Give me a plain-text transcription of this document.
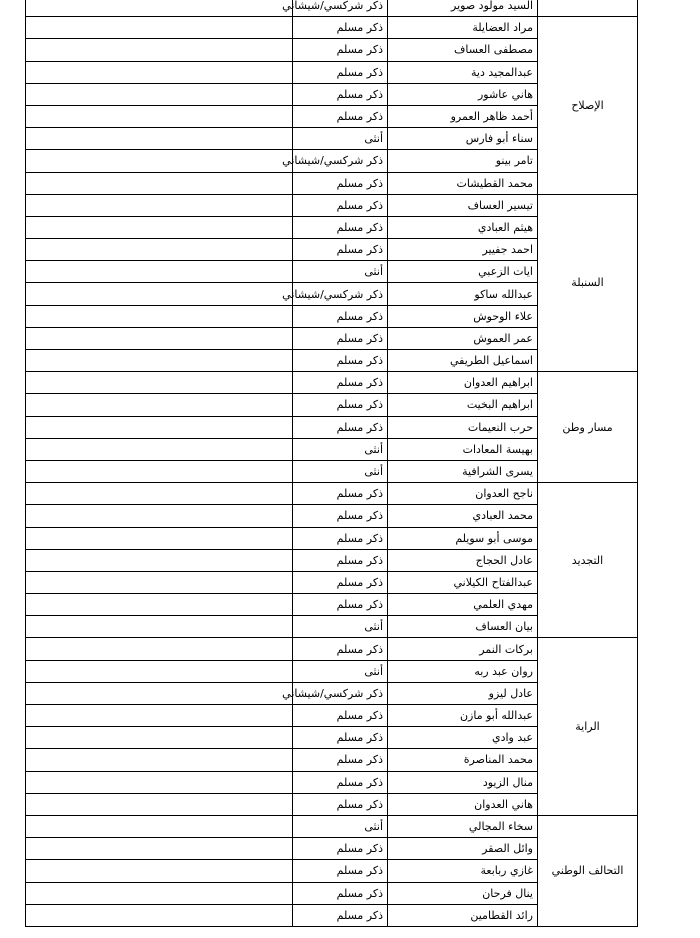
	السيد مولود صوير	ذكر شركسي/شيشاني	
الإصلاح	مراد العضايلة	ذكر مسلم	
	مصطفى العساف	ذكر مسلم	
	عبدالمجيد دية	ذكر مسلم	
	هاني عاشور	ذكر مسلم	
	أحمد ظاهر العمرو	ذكر مسلم	
	سناء أبو فارس	أنثى	
	تامر بينو	ذكر شركسي/شيشاني	
	محمد القطيشات	ذكر مسلم	
السنبلة	تيسير العساف	ذكر مسلم	
	هيثم العبادي	ذكر مسلم	
	احمد جفيير	ذكر مسلم	
	ايات الزعبي	أنثى	
	عبدالله ساكو	ذكر شركسي/شيشاني	
	علاء الوحوش	ذكر مسلم	
	عمر العموش	ذكر مسلم	
	اسماعيل الطريفي	ذكر مسلم	
مسار وطن	ابراهيم العدوان	ذكر مسلم	
	ابراهيم البخيت	ذكر مسلم	
	حرب النعيمات	ذكر مسلم	
	بهيسة المعادات	أنثى	
	يسرى الشرافية	أنثى	
التجديد	ناجح العدوان	ذكر مسلم	
	محمد العبادي	ذكر مسلم	
	موسى أبو سويلم	ذكر مسلم	
	عادل الحجاج	ذكر مسلم	
	عبدالفتاح الكيلاني	ذكر مسلم	
	مهدي العلمي	ذكر مسلم	
	بيان العساف	أنثى	
الراية	بركات النمر	ذكر مسلم	
	روان عبد ربه	أنثى	
	عادل ليزو	ذكر شركسي/شيشاني	
	عبدالله أبو مازن	ذكر مسلم	
	عبد وادي	ذكر مسلم	
	محمد المناصرة	ذكر مسلم	
	منال الزيود	ذكر مسلم	
	هاني العدوان	ذكر مسلم	
التحالف الوطني	سخاء المجالي	أنثى	
	وائل الصقر	ذكر مسلم	
	غازي ربابعة	ذكر مسلم	
	ينال فرحان	ذكر مسلم	
	رائد القطامين	ذكر مسلم	
